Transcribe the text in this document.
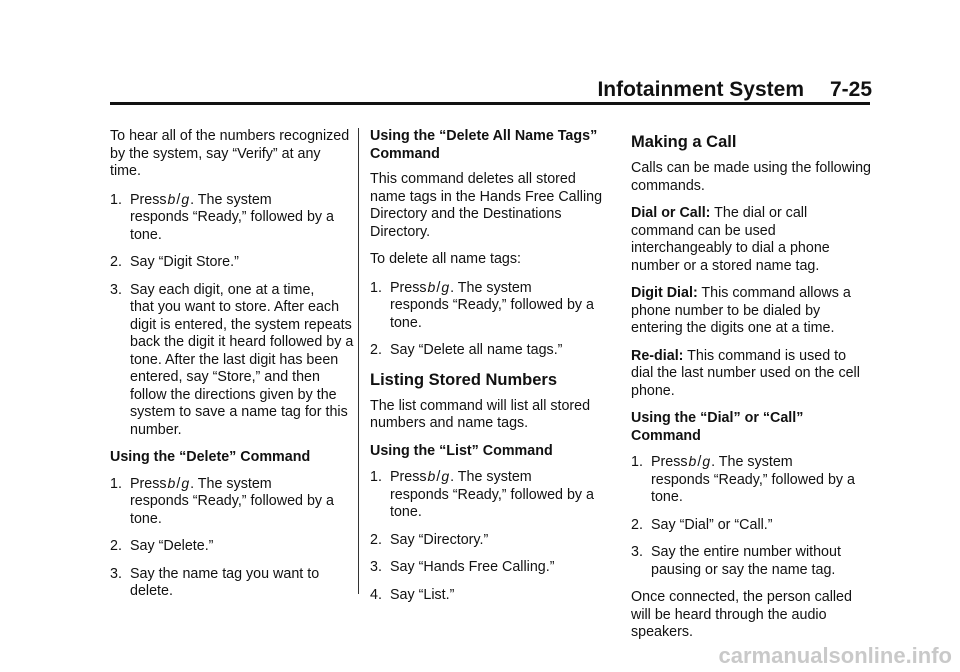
Infotainment System 7-25

To hear all of the numbers recognized by the system, say “Verify” at any time.

1. Pressb/g. The system
responds “Ready,” followed by a tone.
2. Say “Digit Store.”
3. Say each digit, one at a time,
that you want to store. After each digit is entered, the system repeats back the digit it heard followed by a tone. After the last digit has been entered, say “Store,” and then follow the directions given by the system to save a name tag for this number.

Using the “Delete” Command

1. Pressb/g. The system
responds “Ready,” followed by a tone.
2. Say “Delete.”
3. Say the name tag you want to
delete.

Using the “Delete All Name Tags” Command

This command deletes all stored name tags in the Hands Free Calling Directory and the Destinations Directory.

To delete all name tags:

1. Pressb/g. The system
responds “Ready,” followed by a tone.
2. Say “Delete all name tags.”
Listing Stored Numbers

The list command will list all stored numbers and name tags.

Using the “List” Command

1. Pressb/g. The system
responds “Ready,” followed by a tone.
2. Say “Directory.”
3. Say “Hands Free Calling.”
4. Say “List.”
Making a Call

Calls can be made using the following commands.

Dial or Call: The dial or call command can be used interchangeably to dial a phone number or a stored name tag.

Digit Dial: This command allows a phone number to be dialed by entering the digits one at a time.

Re-dial: This command is used to dial the last number used on the cell phone.

Using the “Dial” or “Call” Command

1. Pressb/g. The system
responds “Ready,” followed by a tone.
2. Say “Dial” or “Call.”
3. Say the entire number without
pausing or say the name tag.

Once connected, the person called will be heard through the audio speakers.

carmanualsonline.info
